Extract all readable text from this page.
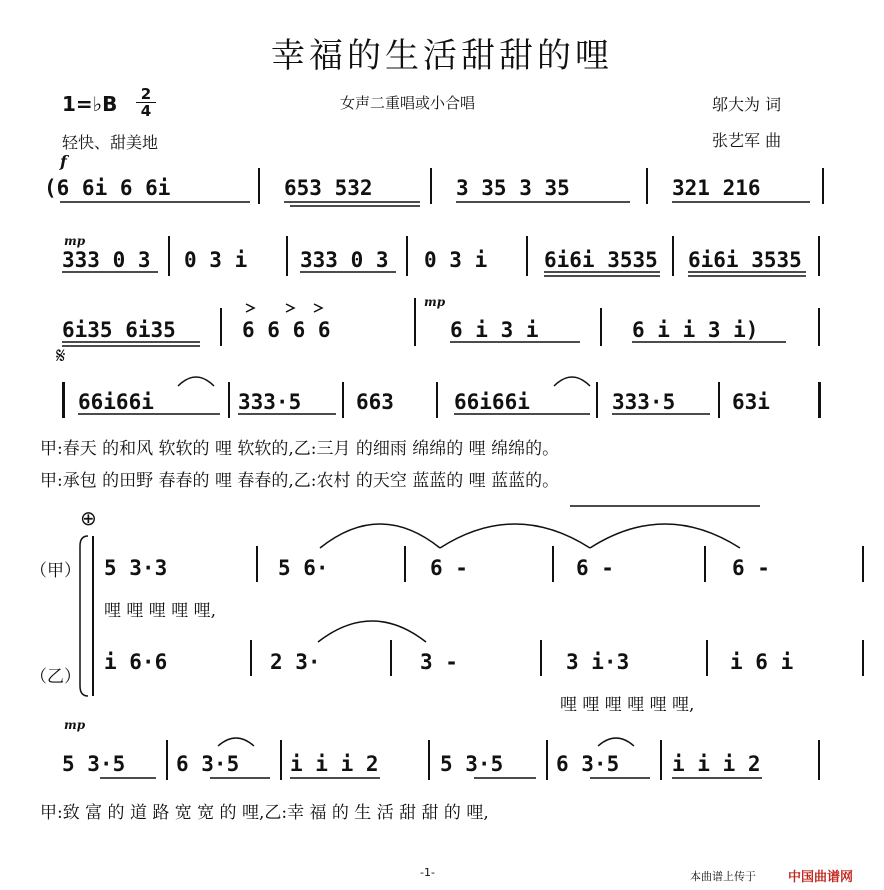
幸福的生活甜甜的哩
1=♭B	2
4
轻快、甜美地
女声二重唱或小合唱	邬大为 词
张艺军 曲
f
mp
mp
mp
(6 6i 6 6i	653 532	3 35 3 35	321 216
333 0 3 0 3 i	333 0 3 0 3 i	6i6i 3535 6i6i 3535
6i35 6i35	6 6 6 6	6 i 3 i	6 i i 3 i)
𝄋
66i66i	333·5	663	66i66i	333·5	63i
甲:春天 的和风 软软的 哩 软软的,乙:三月 的细雨 绵绵的 哩 绵绵的。
甲:承包 的田野 春春的 哩 春春的,乙:农村 的天空 蓝蓝的 哩 蓝蓝的。
⊕
（甲）
（乙）
5 3·3	5 6·	6 -	6 -	6 -
哩 哩 哩 哩 哩,
i 6·6	2 3·	3 -	3 i·3	i 6 i
哩 哩 哩 哩 哩 哩,
5 3·5 6 3·5 i i i 2	5 3·5	6 3·5	i i i 2
甲:致 富 的 道 路 宽 宽 的 哩,乙:幸 福 的 生 活 甜 甜 的 哩,
-1-	本曲谱上传于 中国曲谱网
